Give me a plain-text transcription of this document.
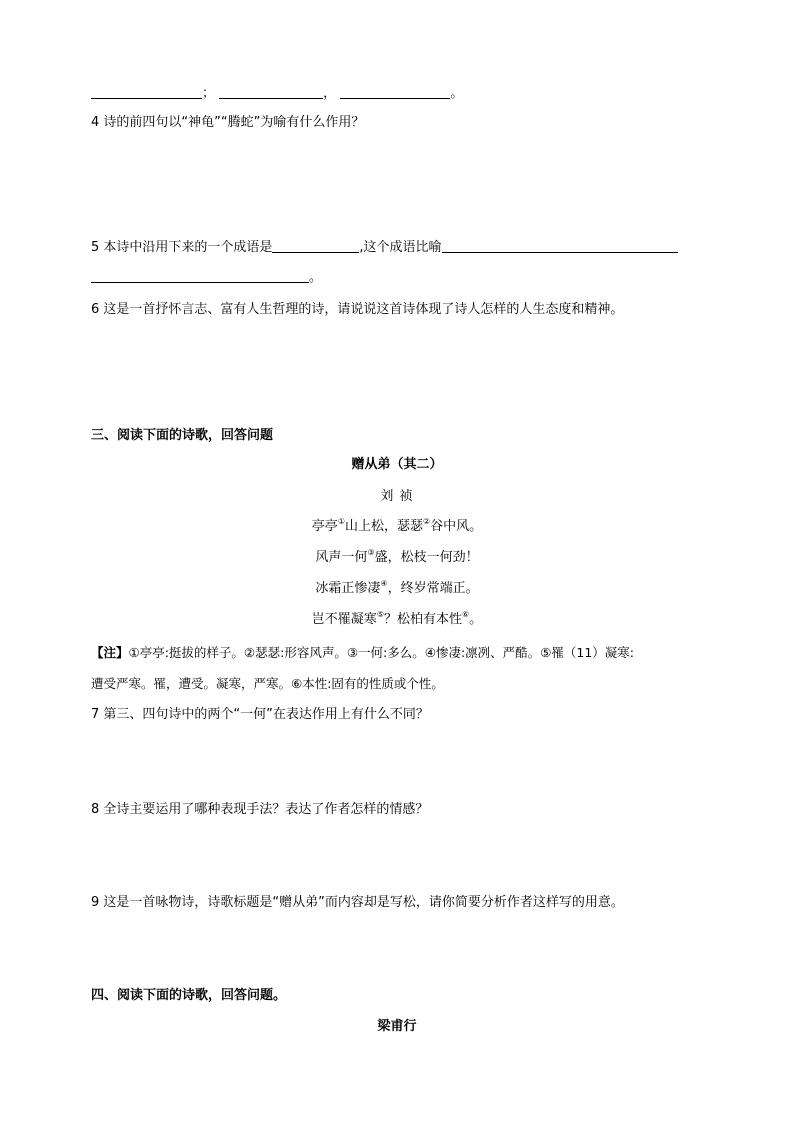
；	，	。
4 诗的前四句以“神龟”“腾蛇”为喻有什么作用？
5 本诗中沿用下来的一个成语是	,这个成语比喻
。
6 这是一首抒怀言志、富有人生哲理的诗，请说说这首诗体现了诗人怎样的人生态度和精神。
三、阅读下面的诗歌，回答问题
赠从弟（其二）
刘 祯
亭亭①山上松，瑟瑟②谷中风。
风声一何③盛，松枝一何劲！
冰霜正惨凄④，终岁常端正。
岂不罹凝寒⑤？松柏有本性⑥。
【注】①亭亭:挺拔的样子。②瑟瑟:形容风声。③一何:多么。④惨凄:凛冽、严酷。⑤罹（11）凝寒:
遭受严寒。罹，遭受。凝寒，严寒。⑥本性:固有的性质或个性。
7 第三、四句诗中的两个“一何”在表达作用上有什么不同？
8 全诗主要运用了哪种表现手法？表达了作者怎样的情感？
9 这是一首咏物诗，诗歌标题是“赠从弟”而内容却是写松，请你简要分析作者这样写的用意。
四、阅读下面的诗歌，回答问题。
梁甫行
